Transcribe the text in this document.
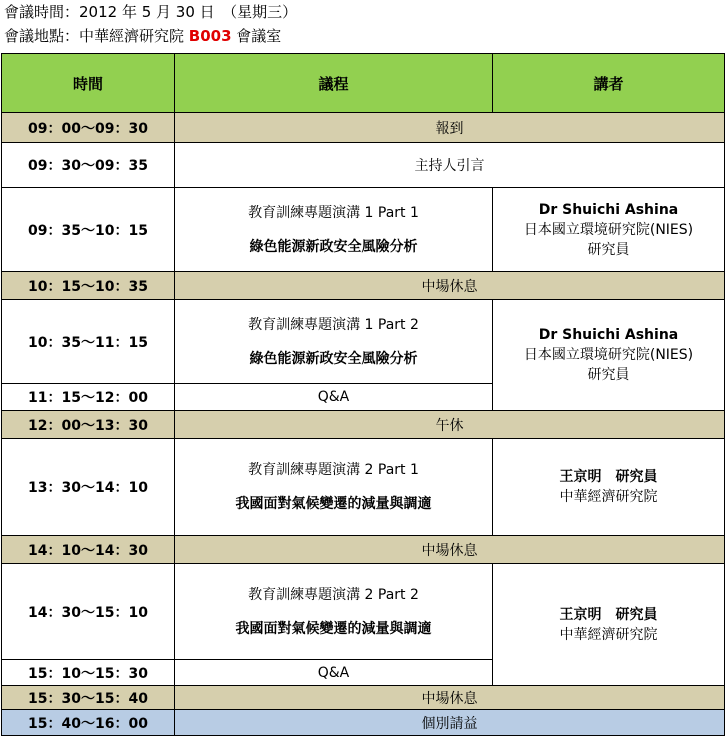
會議時間：2012 年 5 月 30 日　（星期三）
會議地點：中華經濟研究院 B003 會議室
時間	議程	講者
09：00～09：30	報到	
09：30～09：35	主持人引言	
09：35～10：15	教育訓練專題演溝 1 Part 1
綠色能源新政安全風險分析	Dr Shuichi Ashina
日本國立環境研究院(NIES)
研究員

10：15～10：35	中場休息	
10：35～11：15	教育訓練專題演溝 1 Part 2
綠色能源新政安全風險分析	Dr Shuichi Ashina
日本國立環境研究院(NIES)
研究員

11：15～12：00	Q&A	
12：00～13：30	午休	
13：30～14：10	教育訓練專題演溝 2 Part 1
我國面對氣候變遷的減量與調適	王京明　研究員
中華經濟研究院

14：10～14：30	中場休息	
14：30～15：10	教育訓練專題演溝 2 Part 2
我國面對氣候變遷的減量與調適	王京明　研究員
中華經濟研究院

15：10～15：30	Q&A	
15：30～15：40	中場休息	
15：40～16：00	個別請益	
